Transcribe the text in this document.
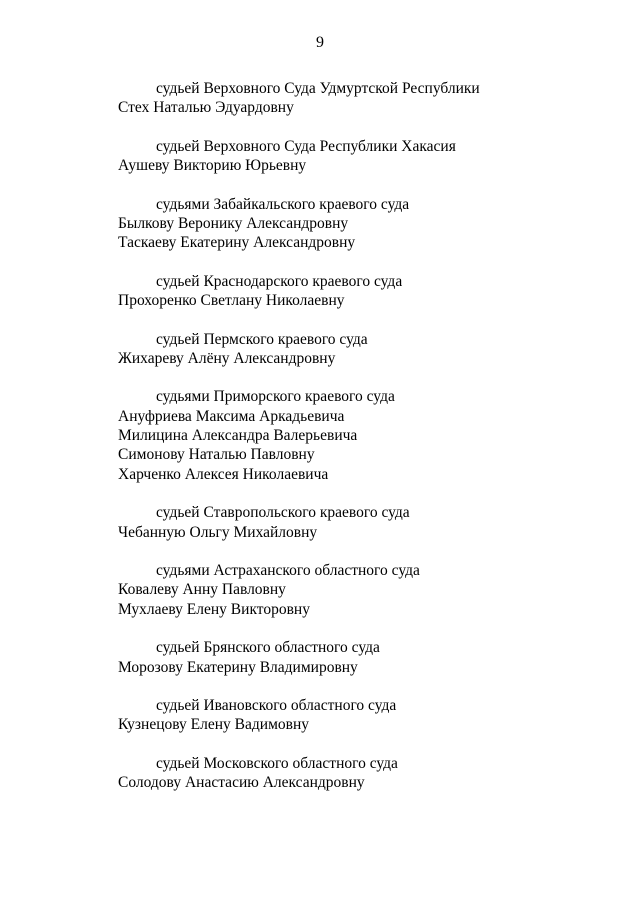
9
судьей Верховного Суда Удмуртской Республики
Стех Наталью Эдуардовну
судьей Верховного Суда Республики Хакасия
Аушеву Викторию Юрьевну
судьями Забайкальского краевого суда
Былкову Веронику Александровну
Таскаеву Екатерину Александровну
судьей Краснодарского краевого суда
Прохоренко Светлану Николаевну
судьей Пермского краевого суда
Жихареву Алёну Александровну
судьями Приморского краевого суда
Ануфриева Максима Аркадьевича
Милицина Александра Валерьевича
Симонову Наталью Павловну
Харченко Алексея Николаевича
судьей Ставропольского краевого суда
Чебанную Ольгу Михайловну
судьями Астраханского областного суда
Ковалеву Анну Павловну
Мухлаеву Елену Викторовну
судьей Брянского областного суда
Морозову Екатерину Владимировну
судьей Ивановского областного суда
Кузнецову Елену Вадимовну
судьей Московского областного суда
Солодову Анастасию Александровну
